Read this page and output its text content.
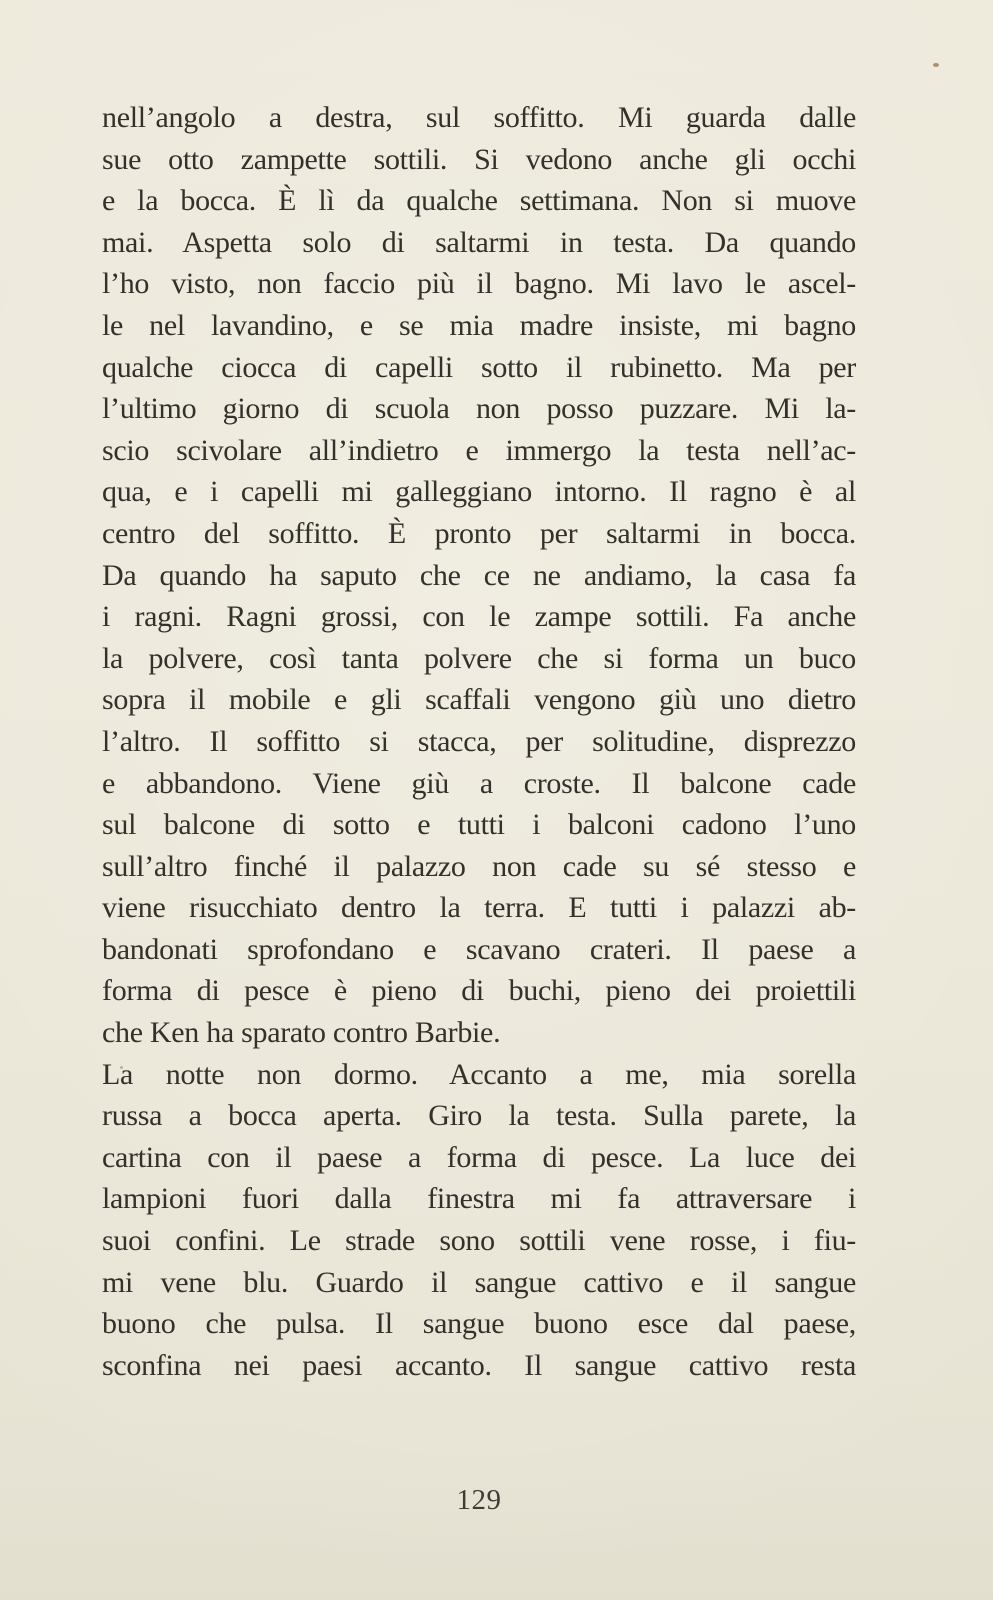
nell’angolo a destra, sul soffitto. Mi guarda dalle
sue otto zampette sottili. Si vedono anche gli occhi
e la bocca. È lì da qualche settimana. Non si muove
mai. Aspetta solo di saltarmi in testa. Da quando
l’ho visto, non faccio più il bagno. Mi lavo le ascel-
le nel lavandino, e se mia madre insiste, mi bagno
qualche ciocca di capelli sotto il rubinetto. Ma per
l’ultimo giorno di scuola non posso puzzare. Mi la-
scio scivolare all’indietro e immergo la testa nell’ac-
qua, e i capelli mi galleggiano intorno. Il ragno è al
centro del soffitto. È pronto per saltarmi in bocca.
Da quando ha saputo che ce ne andiamo, la casa fa
i ragni. Ragni grossi, con le zampe sottili. Fa anche
la polvere, così tanta polvere che si forma un buco
sopra il mobile e gli scaffali vengono giù uno dietro
l’altro. Il soffitto si stacca, per solitudine, disprezzo
e abbandono. Viene giù a croste. Il balcone cade
sul balcone di sotto e tutti i balconi cadono l’uno
sull’altro finché il palazzo non cade su sé stesso e
viene risucchiato dentro la terra. E tutti i palazzi ab-
bandonati sprofondano e scavano crateri. Il paese a
forma di pesce è pieno di buchi, pieno dei proiettili
che Ken ha sparato contro Barbie.
La notte non dormo. Accanto a me, mia sorella
russa a bocca aperta. Giro la testa. Sulla parete, la
cartina con il paese a forma di pesce. La luce dei
lampioni fuori dalla finestra mi fa attraversare i
suoi confini. Le strade sono sottili vene rosse, i fiu-
mi vene blu. Guardo il sangue cattivo e il sangue
buono che pulsa. Il sangue buono esce dal paese,
sconfina nei paesi accanto. Il sangue cattivo resta
129
